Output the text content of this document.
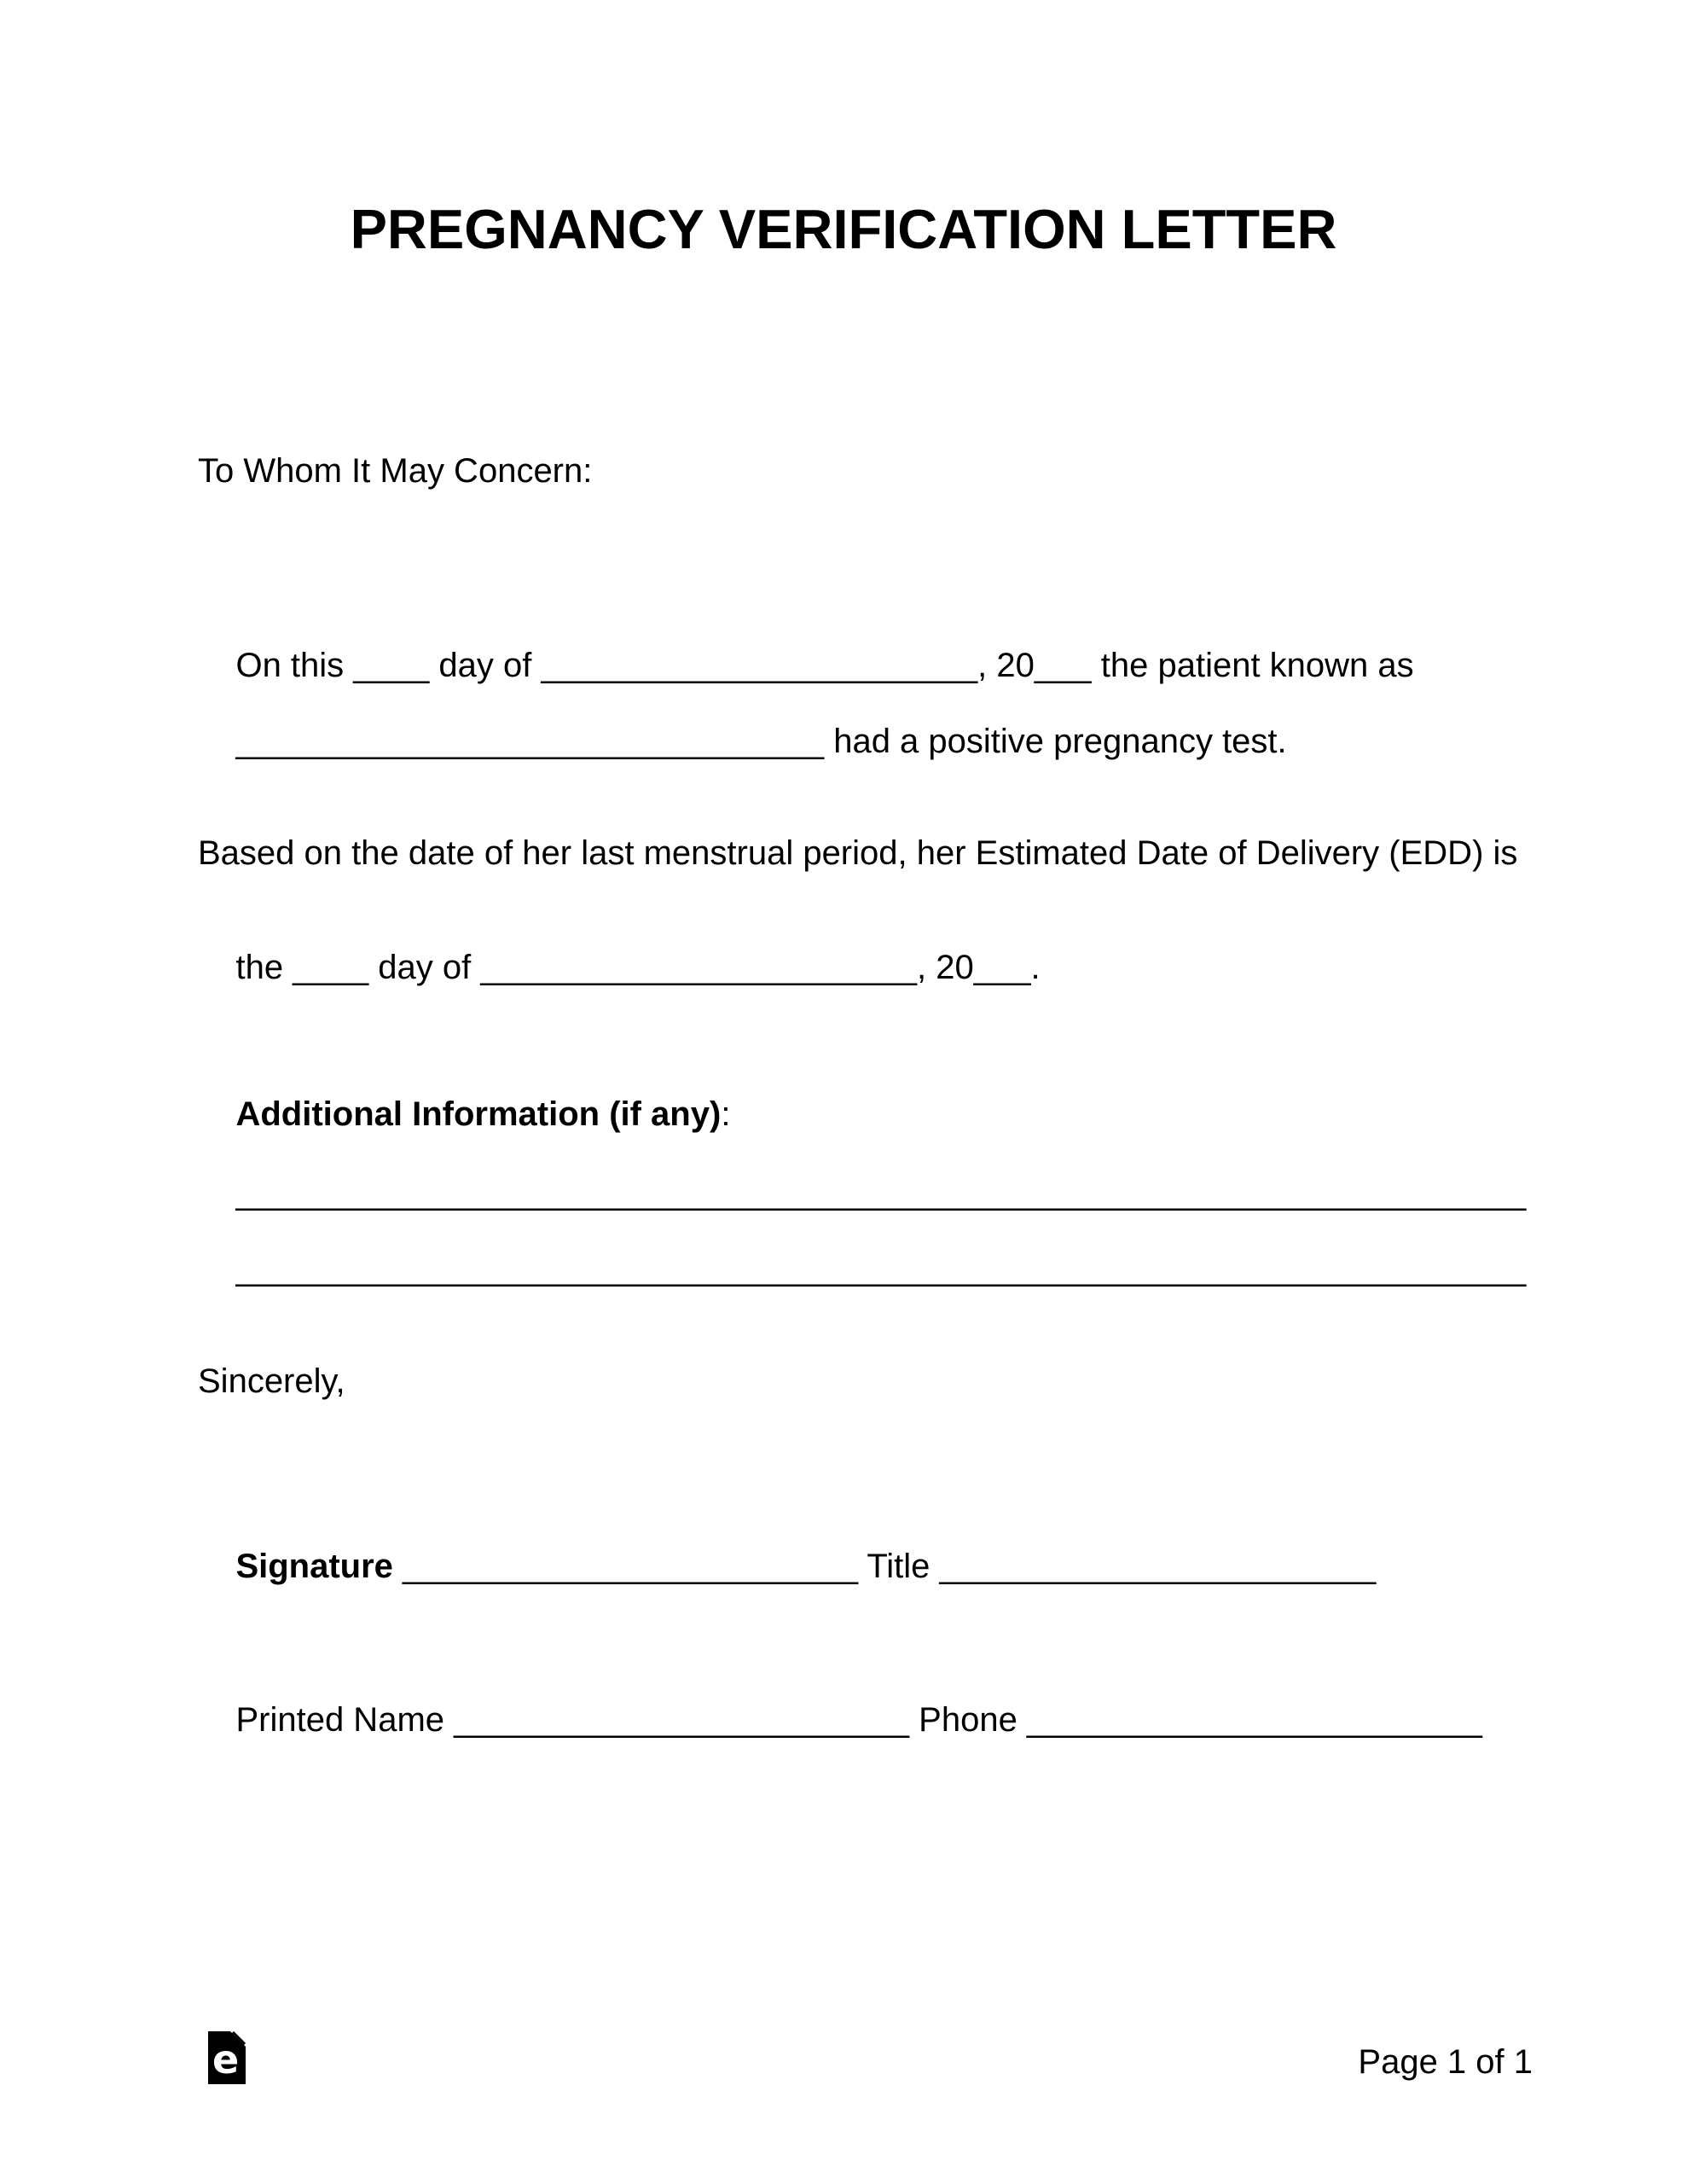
PREGNANCY VERIFICATION LETTER
To Whom It May Concern:

On this ____ day of _______________________, 20___ the patient known as

_______________________________ had a positive pregnancy test.

Based on the date of her last menstrual period, her Estimated Date of Delivery (EDD) is

the ____ day of _______________________, 20___.

Additional Information (if any):

____________________________________________________________________

____________________________________________________________________

Sincerely,

Signature ________________________ Title _______________________

Printed Name ________________________ Phone ________________________

e	Page 1 of 1
